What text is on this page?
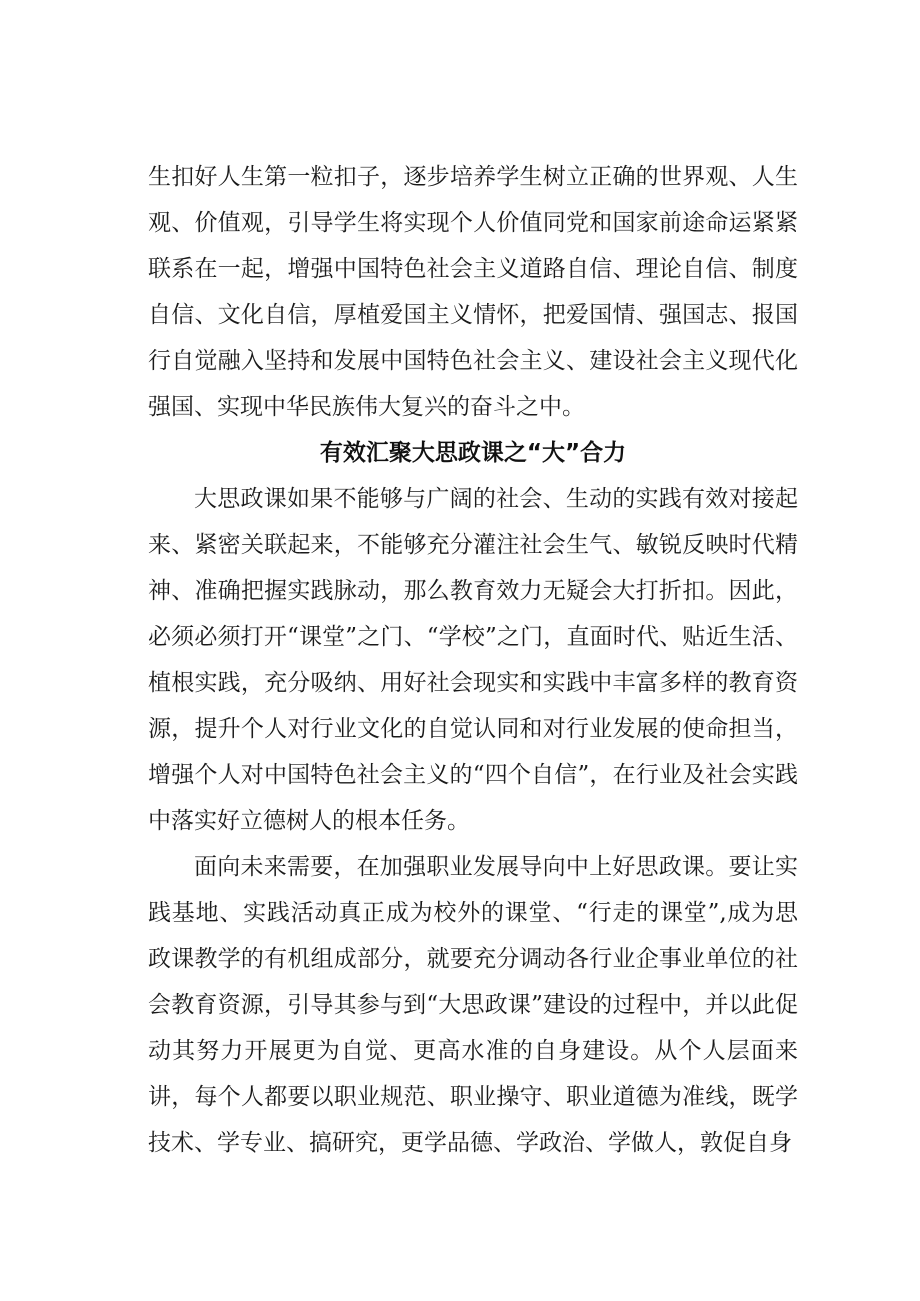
生扣好人生第一粒扣子，逐步培养学生树立正确的世界观、人生观、价值观，引导学生将实现个人价值同党和国家前途命运紧紧联系在一起，增强中国特色社会主义道路自信、理论自信、制度自信、文化自信，厚植爱国主义情怀，把爱国情、强国志、报国行自觉融入坚持和发展中国特色社会主义、建设社会主义现代化强国、实现中华民族伟大复兴的奋斗之中。

有效汇聚大思政课之“大”合力

大思政课如果不能够与广阔的社会、生动的实践有效对接起来、紧密关联起来，不能够充分灌注社会生气、敏锐反映时代精神、准确把握实践脉动，那么教育效力无疑会大打折扣。因此，必须必须打开“课堂”之门、“学校”之门，直面时代、贴近生活、植根实践，充分吸纳、用好社会现实和实践中丰富多样的教育资源，提升个人对行业文化的自觉认同和对行业发展的使命担当，增强个人对中国特色社会主义的“四个自信”，在行业及社会实践中落实好立德树人的根本任务。

面向未来需要，在加强职业发展导向中上好思政课。要让实践基地、实践活动真正成为校外的课堂、“行走的课堂”,成为思政课教学的有机组成部分，就要充分调动各行业企事业单位的社会教育资源，引导其参与到“大思政课”建设的过程中，并以此促动其努力开展更为自觉、更高水准的自身建设。从个人层面来讲，每个人都要以职业规范、职业操守、职业道德为准线，既学技术、学专业、搞研究，更学品德、学政治、学做人，敦促自身
